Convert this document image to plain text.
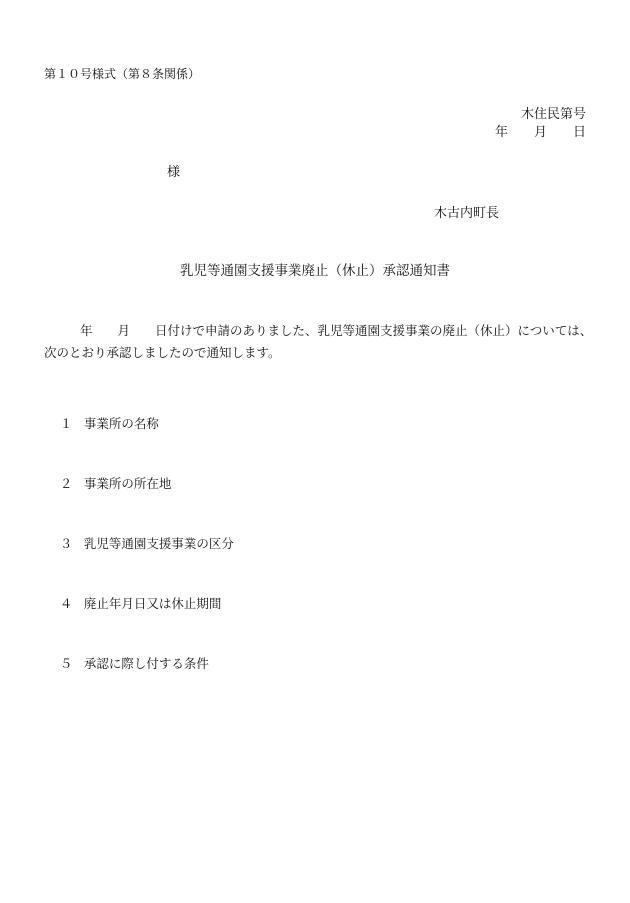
第１０号様式（第８条関係）
木住民第号
年　　月　　日
様
木古内町長
乳児等通園支援事業廃止（休止）承認通知書
年　　月　　日付けで申請のありました、乳児等通園支援事業の廃止（休止）については、
次のとおり承認しましたので通知します。

１ 事業所の名称

２ 事業所の所在地

３ 乳児等通園支援事業の区分

４ 廃止年月日又は休止期間

５ 承認に際し付する条件
